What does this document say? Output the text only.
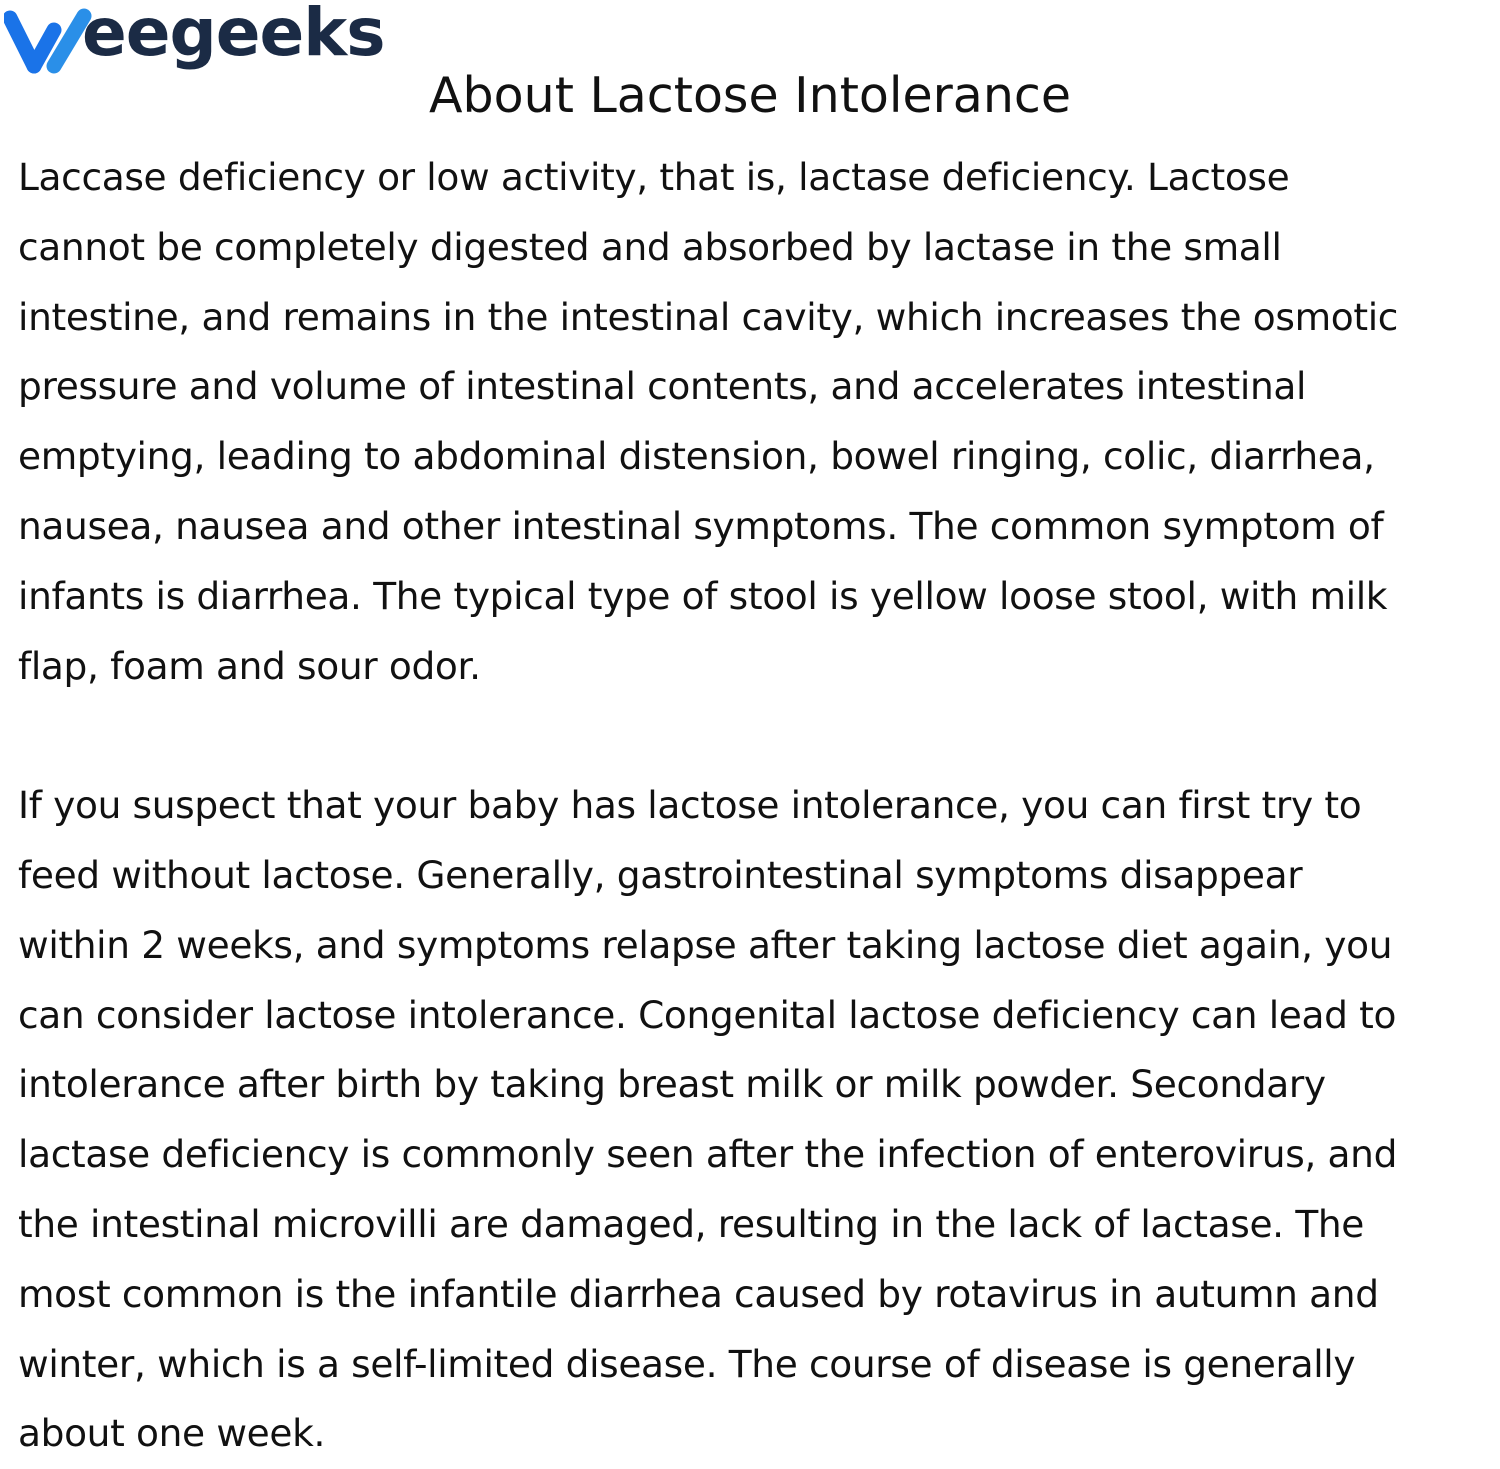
eegeeks
About Lactose Intolerance

Laccase deficiency or low activity, that is, lactase deficiency. Lactose
cannot be completely digested and absorbed by lactase in the small
intestine, and remains in the intestinal cavity, which increases the osmotic
pressure and volume of intestinal contents, and accelerates intestinal
emptying, leading to abdominal distension, bowel ringing, colic, diarrhea,
nausea, nausea and other intestinal symptoms. The common symptom of
infants is diarrhea. The typical type of stool is yellow loose stool, with milk
flap, foam and sour odor.

If you suspect that your baby has lactose intolerance, you can first try to
feed without lactose. Generally, gastrointestinal symptoms disappear
within 2 weeks, and symptoms relapse after taking lactose diet again, you
can consider lactose intolerance. Congenital lactose deficiency can lead to
intolerance after birth by taking breast milk or milk powder. Secondary
lactase deficiency is commonly seen after the infection of enterovirus, and
the intestinal microvilli are damaged, resulting in the lack of lactase. The
most common is the infantile diarrhea caused by rotavirus in autumn and
winter, which is a self-limited disease. The course of disease is generally
about one week.
